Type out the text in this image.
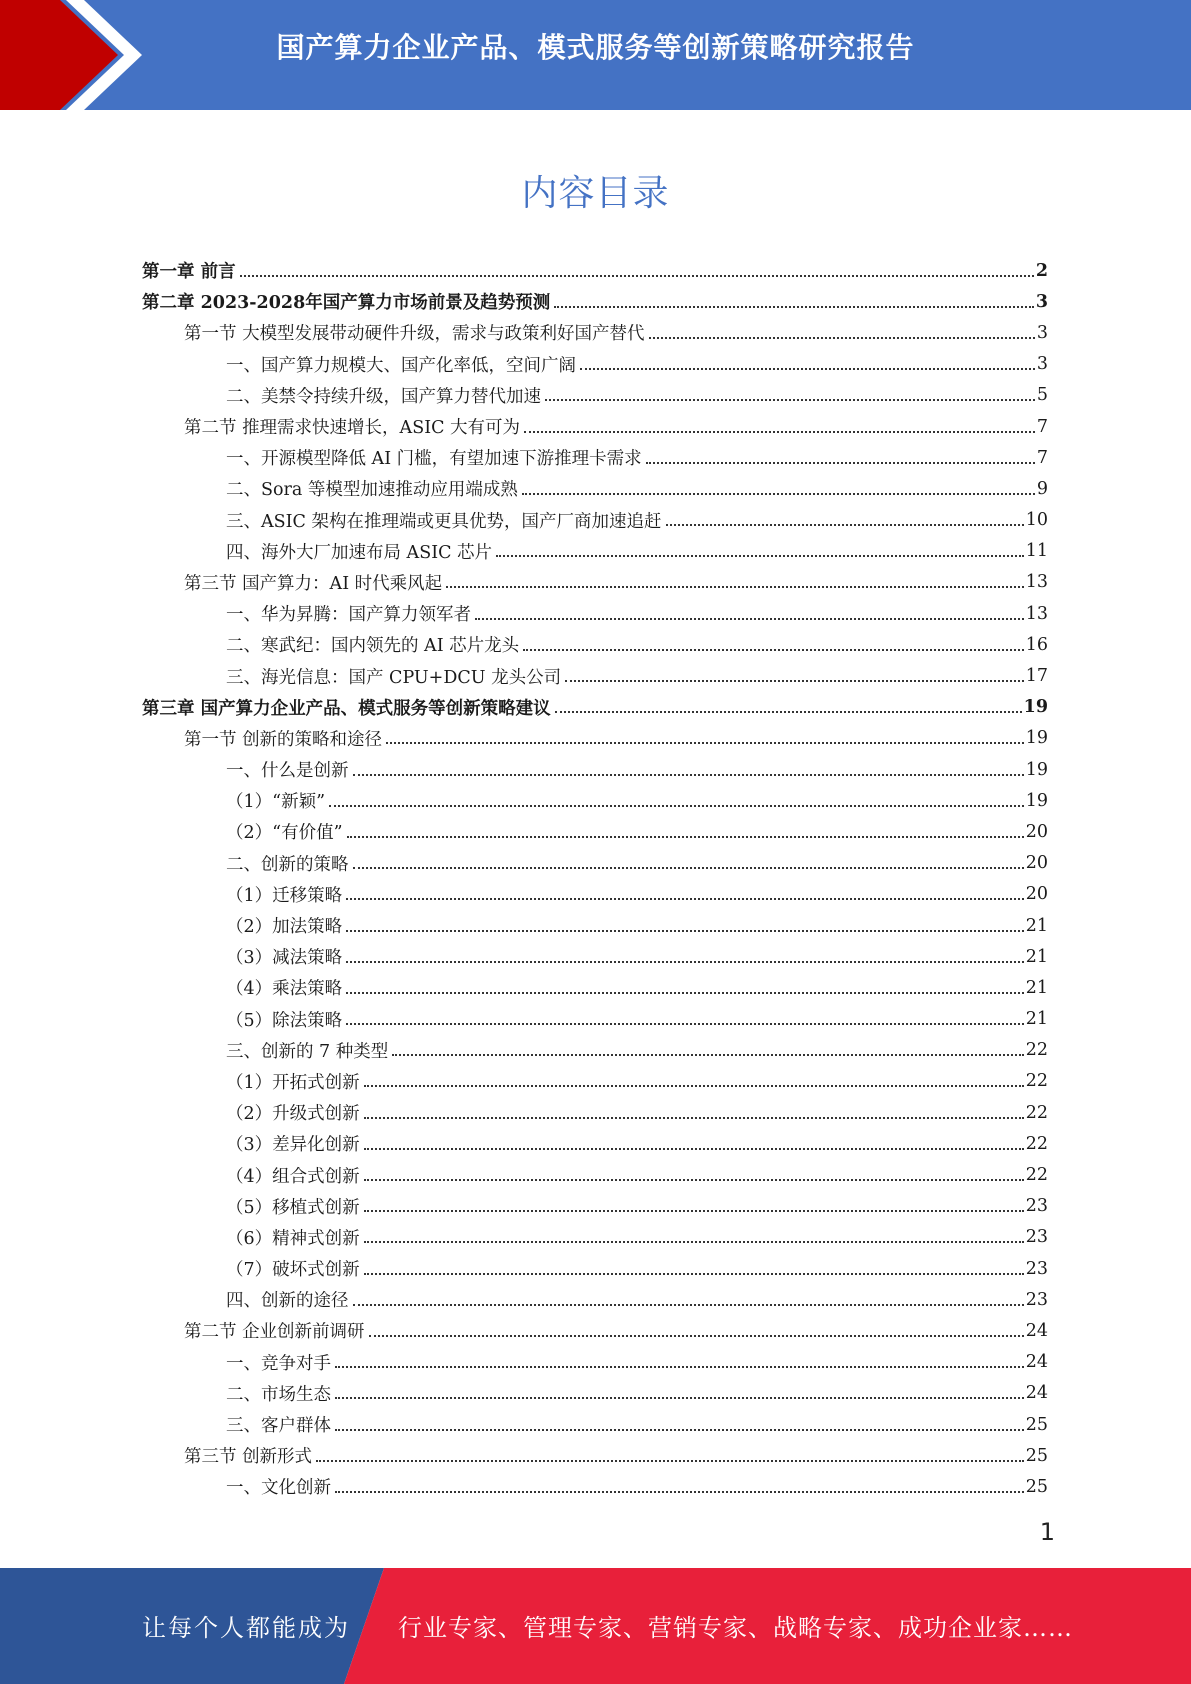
国产算力企业产品、模式服务等创新策略研究报告
内容目录
第一章 前言	2
第二章 2023-2028年国产算力市场前景及趋势预测	3
第一节 大模型发展带动硬件升级，需求与政策利好国产替代	3
一、国产算力规模大、国产化率低，空间广阔	3
二、美禁令持续升级，国产算力替代加速	5
第二节 推理需求快速增长，ASIC 大有可为	7
一、开源模型降低 AI 门槛，有望加速下游推理卡需求	7
二、Sora 等模型加速推动应用端成熟	9
三、ASIC 架构在推理端或更具优势，国产厂商加速追赶	10
四、海外大厂加速布局 ASIC 芯片	11
第三节 国产算力：AI 时代乘风起	13
一、华为昇腾：国产算力领军者	13
二、寒武纪：国内领先的 AI 芯片龙头	16
三、海光信息：国产 CPU+DCU 龙头公司	17
第三章 国产算力企业产品、模式服务等创新策略建议	19
第一节 创新的策略和途径	19
一、什么是创新	19
（1）“新颖”	19
（2）“有价值”	20
二、创新的策略	20
（1）迁移策略	20
（2）加法策略	21
（3）减法策略	21
（4）乘法策略	21
（5）除法策略	21
三、创新的 7 种类型	22
（1）开拓式创新	22
（2）升级式创新	22
（3）差异化创新	22
（4）组合式创新	22
（5）移植式创新	23
（6）精神式创新	23
（7）破坏式创新	23
四、创新的途径	23
第二节 企业创新前调研	24
一、竞争对手	24
二、市场生态	24
三、客户群体	25
第三节 创新形式	25
一、文化创新	25
1
让每个人都能成为 行业专家、管理专家、营销专家、战略专家、成功企业家……
